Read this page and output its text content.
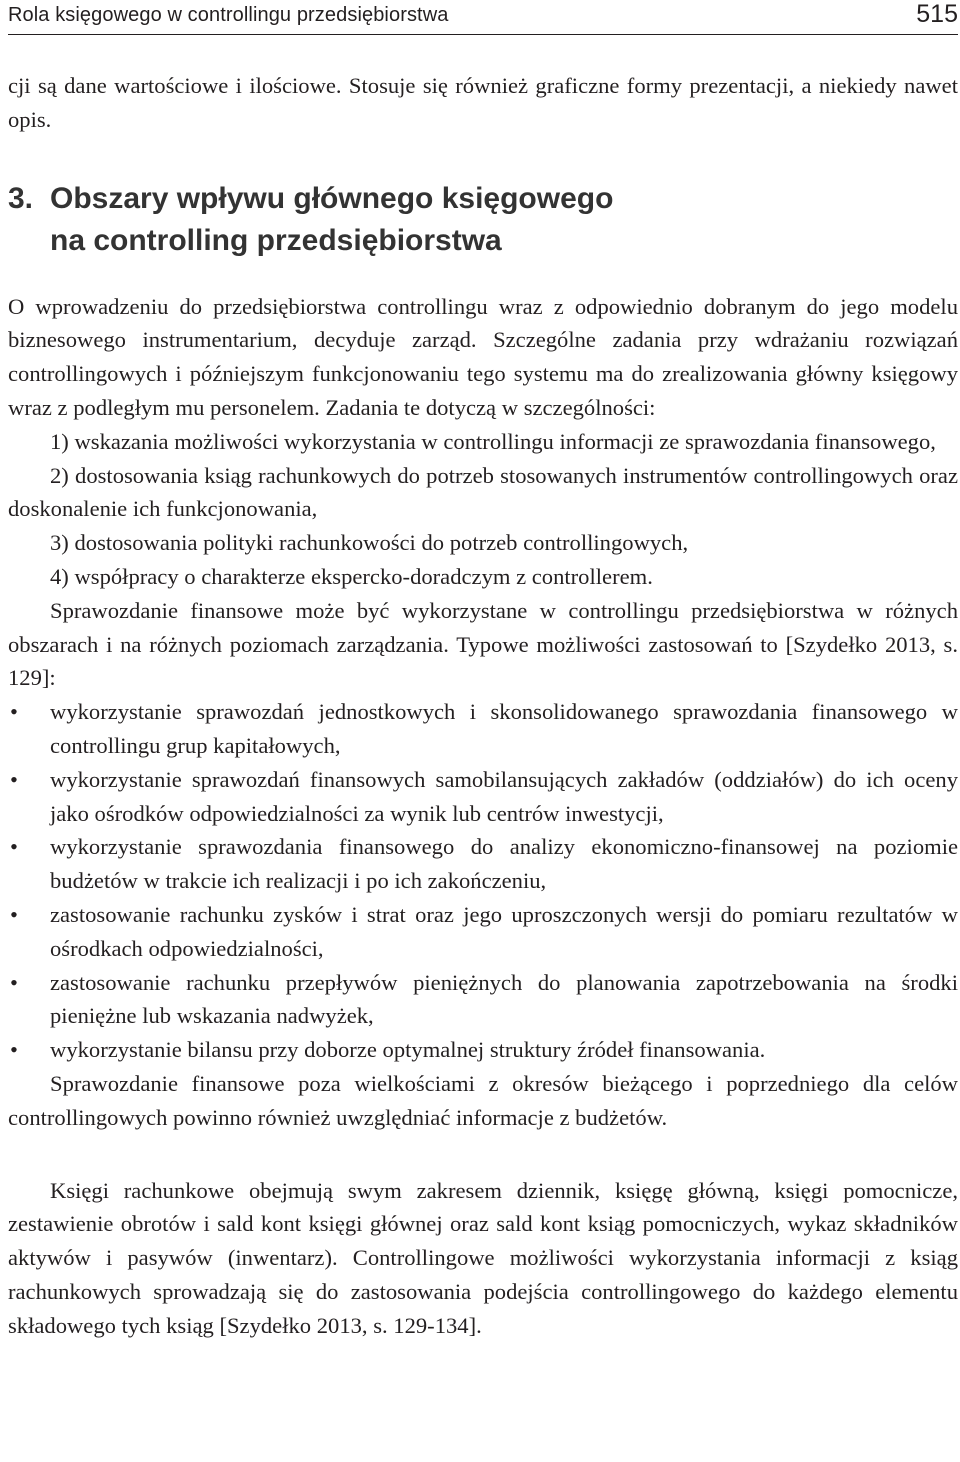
Rola księgowego w controllingu przedsiębiorstwa	515

cji są dane wartościowe i ilościowe. Stosuje się również graficzne formy prezentacji, a niekiedy nawet opis.

3. Obszary wpływu głównego księgowego
na controlling przedsiębiorstwa

O wprowadzeniu do przedsiębiorstwa controllingu wraz z odpowiednio dobranym do jego modelu biznesowego instrumentarium, decyduje zarząd. Szczególne zadania przy wdrażaniu rozwiązań controllingowych i późniejszym funkcjonowaniu tego systemu ma do zrealizowania główny księgowy wraz z podległym mu personelem. Zadania te dotyczą w szczególności:

1) wskazania możliwości wykorzystania w controllingu informacji ze sprawozdania finansowego,

2) dostosowania ksiąg rachunkowych do potrzeb stosowanych instrumentów controllingowych oraz doskonalenie ich funkcjonowania,

3) dostosowania polityki rachunkowości do potrzeb controllingowych,

4) współpracy o charakterze ekspercko-doradczym z controllerem.

Sprawozdanie finansowe może być wykorzystane w controllingu przedsiębiorstwa w różnych obszarach i na różnych poziomach zarządzania. Typowe możliwości zastosowań to [Szydełko 2013, s. 129]:

• wykorzystanie sprawozdań jednostkowych i skonsolidowanego sprawozdania finansowego w controllingu grup kapitałowych,
• wykorzystanie sprawozdań finansowych samobilansujących zakładów (oddziałów) do ich oceny jako ośrodków odpowiedzialności za wynik lub centrów inwestycji,
• wykorzystanie sprawozdania finansowego do analizy ekonomiczno-finansowej na poziomie budżetów w trakcie ich realizacji i po ich zakończeniu,
• zastosowanie rachunku zysków i strat oraz jego uproszczonych wersji do pomiaru rezultatów w ośrodkach odpowiedzialności,
• zastosowanie rachunku przepływów pieniężnych do planowania zapotrzebowania na środki pieniężne lub wskazania nadwyżek,
• wykorzystanie bilansu przy doborze optymalnej struktury źródeł finansowania.

Sprawozdanie finansowe poza wielkościami z okresów bieżącego i poprzedniego dla celów controllingowych powinno również uwzględniać informacje z budżetów.

Księgi rachunkowe obejmują swym zakresem dziennik, księgę główną, księgi pomocnicze, zestawienie obrotów i sald kont księgi głównej oraz sald kont ksiąg pomocniczych, wykaz składników aktywów i pasywów (inwentarz). Controllingowe możliwości wykorzystania informacji z ksiąg rachunkowych sprowadzają się do zastosowania podejścia controllingowego do każdego elementu składowego tych ksiąg [Szydełko 2013, s. 129-134].
